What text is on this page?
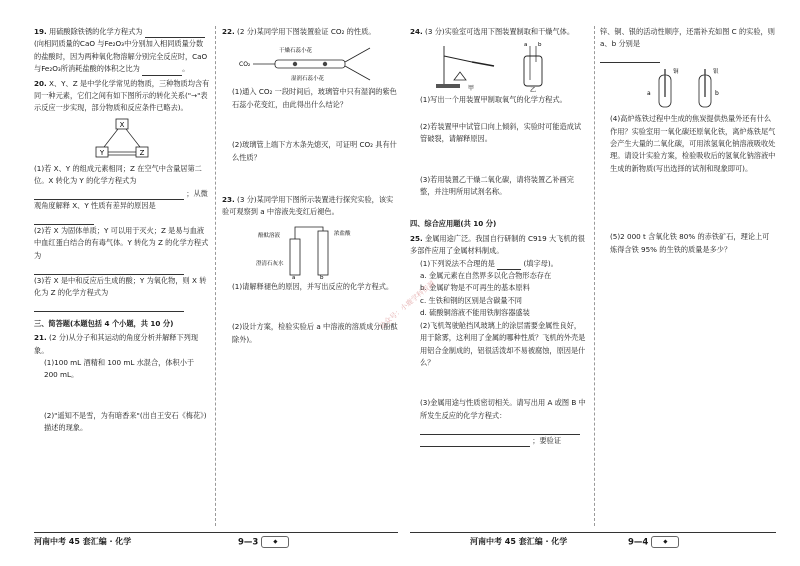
19. 用硫酸除铁锈的化学方程式为  (向相同质量的CaO 与Fe₂O₃中分别加入相同质量分数的盐酸时，因为两种氧化物溶解分别完全反应时，CaO与Fe₂O₃所消耗盐酸的体积之比为	。
20. X、Y、Z 是中学化学常见的物质，三种物质均含有同一种元素，它们之间有如下图所示的转化关系("→"表示反应一步实现，部分物质和反应条件已略去)。
X
Y	Z
(1)若 X、Y 的组成元素相同；Z 在空气中含量居第二位。X 转化为 Y 的化学方程式为
；从微观角度解释 X、Y 性质有差异的原因是
(2)若 X 为固体单质；Y 可以用于灭火；Z 是易与血液中血红蛋白结合的有毒气体。Y 转化为 Z 的化学方程式为
(3)若 X 是中和反应后生成的酸；Y 为氧化物，则 X 转化为 Z 的化学方程式为
三、简答题(本题包括 4 个小题，共 10 分)
21. (2 分)从分子和其运动的角度分析并解释下列现象。
(1)100 mL 酒精和 100 mL 水混合，体积小于 200 mL。
(2)"遥知不是雪，为有暗香来"(出自王安石《梅花》)描述的现象。
22. (2 分)某同学用下图装置验证 CO₂ 的性质。
CO₂
干燥石蕊小花
湿润石蕊小花
(1)通入 CO₂ 一段时间后，玻璃管中只有湿润的紫色石蕊小花变红，由此得出什么结论？
(2)玻璃管上端下方木条先熄灭，可证明 CO₂ 具有什么性质？
23. (3 分)某同学用下图所示装置进行探究实验，该实验可观察到 a 中溶液先变红后褪色。
酚酞溶液	浓盐酸
澄清石灰水
a	b
(1)请解释褪色的原因，并写出反应的化学方程式。
(2)设计方案，检验实验后 a 中溶液的溶质成分(酚酞除外)。
24. (3 分)实验室可选用下图装置制取和干燥气体。
甲
a b
乙
(1)写出一个用装置甲制取氧气的化学方程式。
(2)若装置甲中试管口向上倾斜，实验时可能造成试管破裂，请解释原因。
(3)若用装置乙干燥二氧化碳，请将装置乙补画完整，并注明所用试剂名称。
四、综合应用题(共 10 分)
25. 金属用途广泛。我国自行研制的 C919 大飞机的很多部件应用了金属材料制成。
(1)下列说法不合理的是	(填字母)。
a. 金属元素在自然界多以化合物形态存在
b. 金属矿物是不可再生的基本原料
c. 生铁和钢的区别是含碳量不同
d. 硫酸铜溶液不能用铁制容器盛装
(2)飞机驾驶舱挡风玻璃上的涂层需要金属性良好，用于除雾，这利用了金属的哪种性质？飞机的外壳是用铝合金制成的，铝很活泼却不易被腐蚀，原因是什么？
(3)金属用途与性质密切相关。请写出用 A 或图 B 中所发生反应的化学方程式：   ；要验证
锌、铜、银的活动性顺序，还需补充如图 C 的实验，则 a、b 分别是
a
铜
b
银
(4)高炉炼铁过程中生成的焦炭提供热量外还有什么作用？实验室用一氧化碳还原氧化铁，离炉炼铁尾气会产生大量的二氧化碳，可用浓氢氧化钠溶液吸收处理。请设计实验方案，检验吸收后的氢氧化钠溶液中生成的新物质(写出选择的试剂和现象即可)。
(5)2 000 t 含氧化铁 80% 的赤铁矿石，理论上可炼得含铁 95% 的生铁的质量是多少？
公众号：小鹿学科资源
河南中考 45 套汇编 · 化学	9—3	◆	河南中考 45 套汇编 · 化学	9—4	◆
